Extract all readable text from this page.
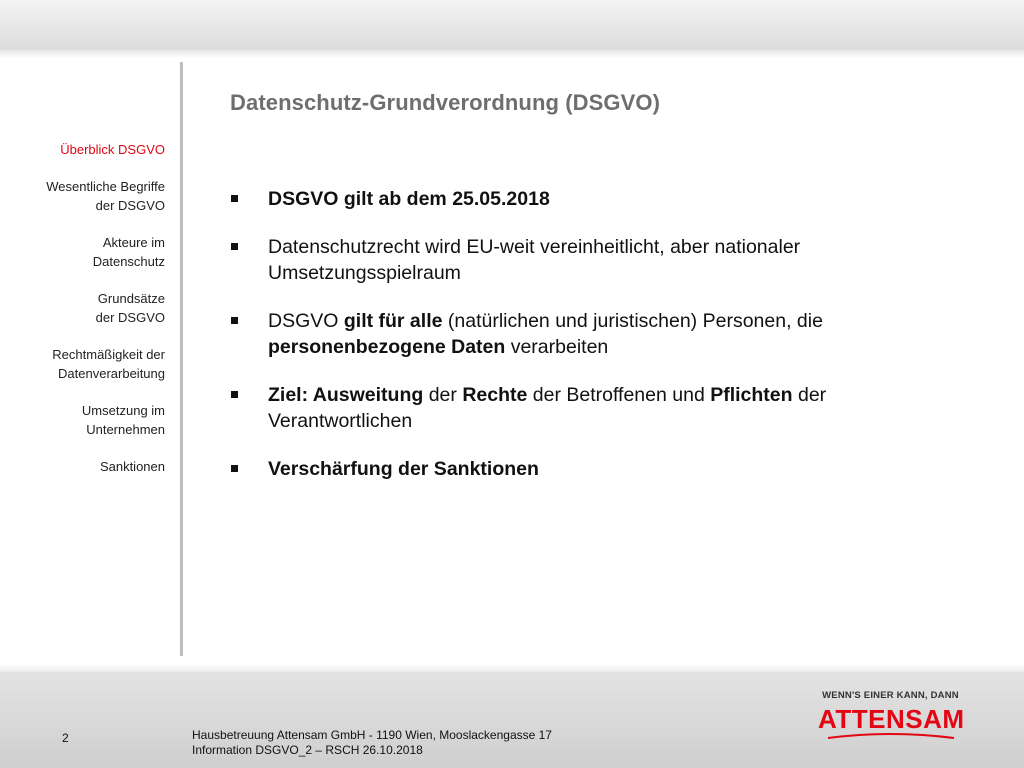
Überblick DSGVO
Wesentliche Begriffe
der DSGVO
Akteure im
Datenschutz
Grundsätze
der DSGVO
Rechtmäßigkeit der
Datenverarbeitung
Umsetzung im
Unternehmen
Sanktionen
Datenschutz-Grundverordnung (DSGVO)
DSGVO gilt ab dem 25.05.2018
Datenschutzrecht wird EU-weit vereinheitlicht, aber nationaler Umsetzungsspielraum
DSGVO gilt für alle (natürlichen und juristischen) Personen, die personenbezogene Daten verarbeiten
Ziel: Ausweitung der Rechte der Betroffenen und Pflichten der Verantwortlichen
Verschärfung der Sanktionen
2	Hausbetreuung Attensam GmbH - 1190 Wien, Mooslackengasse 17
Information DSGVO_2 – RSCH 26.10.2018
WENN'S EINER KANN, DANN
ATTENSAM
